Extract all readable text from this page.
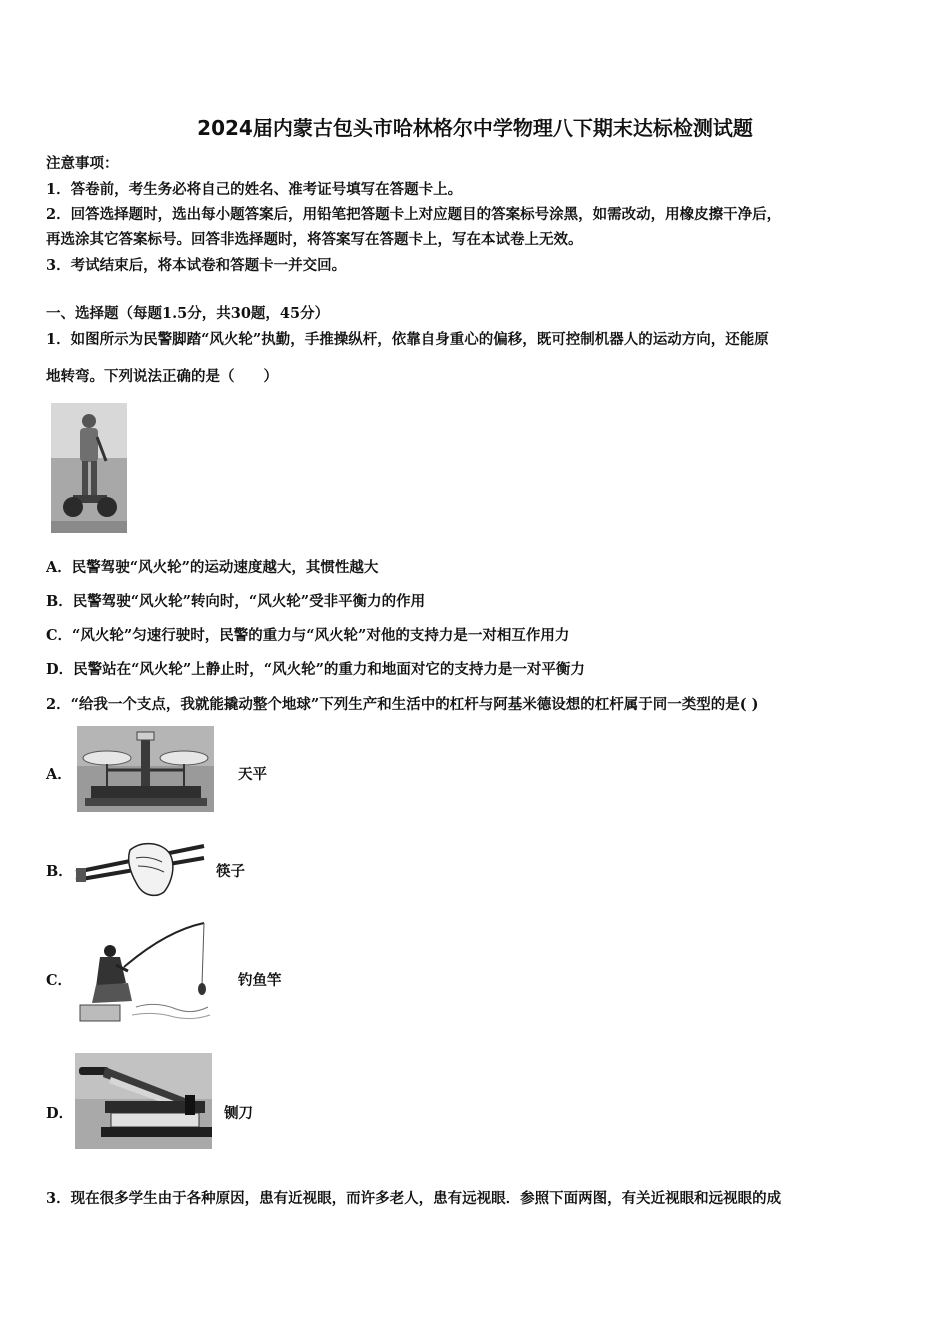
2024届内蒙古包头市哈林格尔中学物理八下期末达标检测试题
注意事项：
1．答卷前，考生务必将自己的姓名、准考证号填写在答题卡上。
2．回答选择题时，选出每小题答案后，用铅笔把答题卡上对应题目的答案标号涂黑，如需改动，用橡皮擦干净后，
再选涂其它答案标号。回答非选择题时，将答案写在答题卡上，写在本试卷上无效。
3．考试结束后，将本试卷和答题卡一并交回。
一、选择题（每题1.5分，共30题，45分）
1．如图所示为民警脚踏“风火轮”执勤，手推操纵杆，依靠自身重心的偏移，既可控制机器人的运动方向，还能原
地转弯。下列说法正确的是（　　）
A．民警驾驶“风火轮”的运动速度越大，其惯性越大
B．民警驾驶“风火轮”转向时，“风火轮”受非平衡力的作用
C．“风火轮”匀速行驶时，民警的重力与“风火轮”对他的支持力是一对相互作用力
D．民警站在“风火轮”上静止时，“风火轮”的重力和地面对它的支持力是一对平衡力
2．“给我一个支点，我就能撬动整个地球”下列生产和生活中的杠杆与阿基米德设想的杠杆属于同一类型的是( )
A．	天平
B．	筷子
C．	钓鱼竿
D．	铡刀
3．现在很多学生由于各种原因，患有近视眼，而许多老人，患有远视眼．参照下面两图，有关近视眼和远视眼的成
